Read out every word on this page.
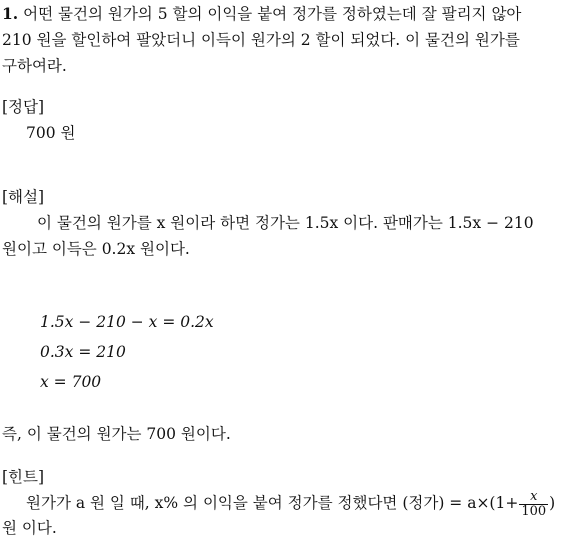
1. 어떤 물건의 원가의 5 할의 이익을 붙여 정가를 정하였는데 잘 팔리지 않아
210 원을 할인하여 팔았더니 이득이 원가의 2 할이 되었다. 이 물건의 원가를
구하여라.
[정답]
700 원
[해설]
이 물건의 원가를 x 원이라 하면 정가는 1.5x 이다. 판매가는 1.5x − 210
원이고 이득은 0.2x 원이다.
1.5x − 210 − x = 0.2x
0.3x = 210
x = 700
즉, 이 물건의 원가는 700 원이다.
[힌트]
원가가 a 원 일 때, x% 의 이익을 붙여 정가를 정했다면 (정가) = $a\times(1+ \frac{x}{100}$ )
원 이다.
